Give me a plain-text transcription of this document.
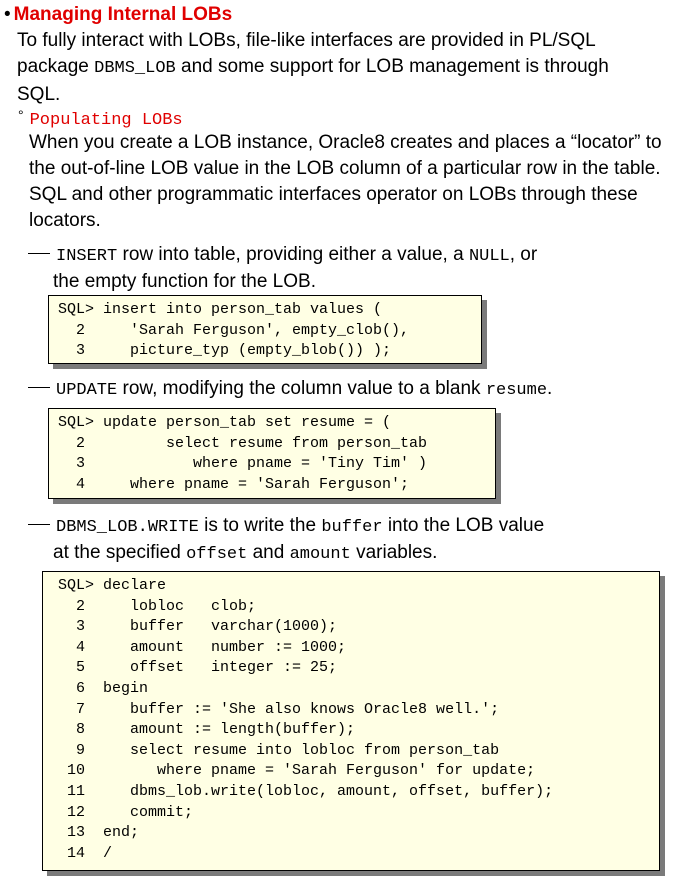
• Managing Internal LOBs
To fully interact with LOBs, file-like interfaces are provided in PL/SQL package DBMS_LOB and some support for LOB management is through SQL.
° Populating LOBs
When you create a LOB instance, Oracle8 creates and places a “locator” to the out-of-line LOB value in the LOB column of a particular row in the table. SQL and other programmatic interfaces operator on LOBs through these locators.
INSERT row into table, providing either a value, a NULL, or
the empty function for the LOB.
SQL> insert into person_tab values (
2     'Sarah Ferguson', empty_clob(),
3     picture_typ (empty_blob()) );
UPDATE row, modifying the column value to a blank resume.
SQL> update person_tab set resume = (
2         select resume from person_tab
3            where pname = 'Tiny Tim' )
4     where pname = 'Sarah Ferguson';
DBMS_LOB.WRITE is to write the buffer into the LOB value
at the specified offset and amount variables.
SQL> declare
2     lobloc   clob;
3     buffer   varchar(1000);
4     amount   number := 1000;
5     offset   integer := 25;
6  begin
7     buffer := 'She also knows Oracle8 well.';
8     amount := length(buffer);
9     select resume into lobloc from person_tab
10        where pname = 'Sarah Ferguson' for update;
11     dbms_lob.write(lobloc, amount, offset, buffer);
12     commit;
13  end;
14  /
